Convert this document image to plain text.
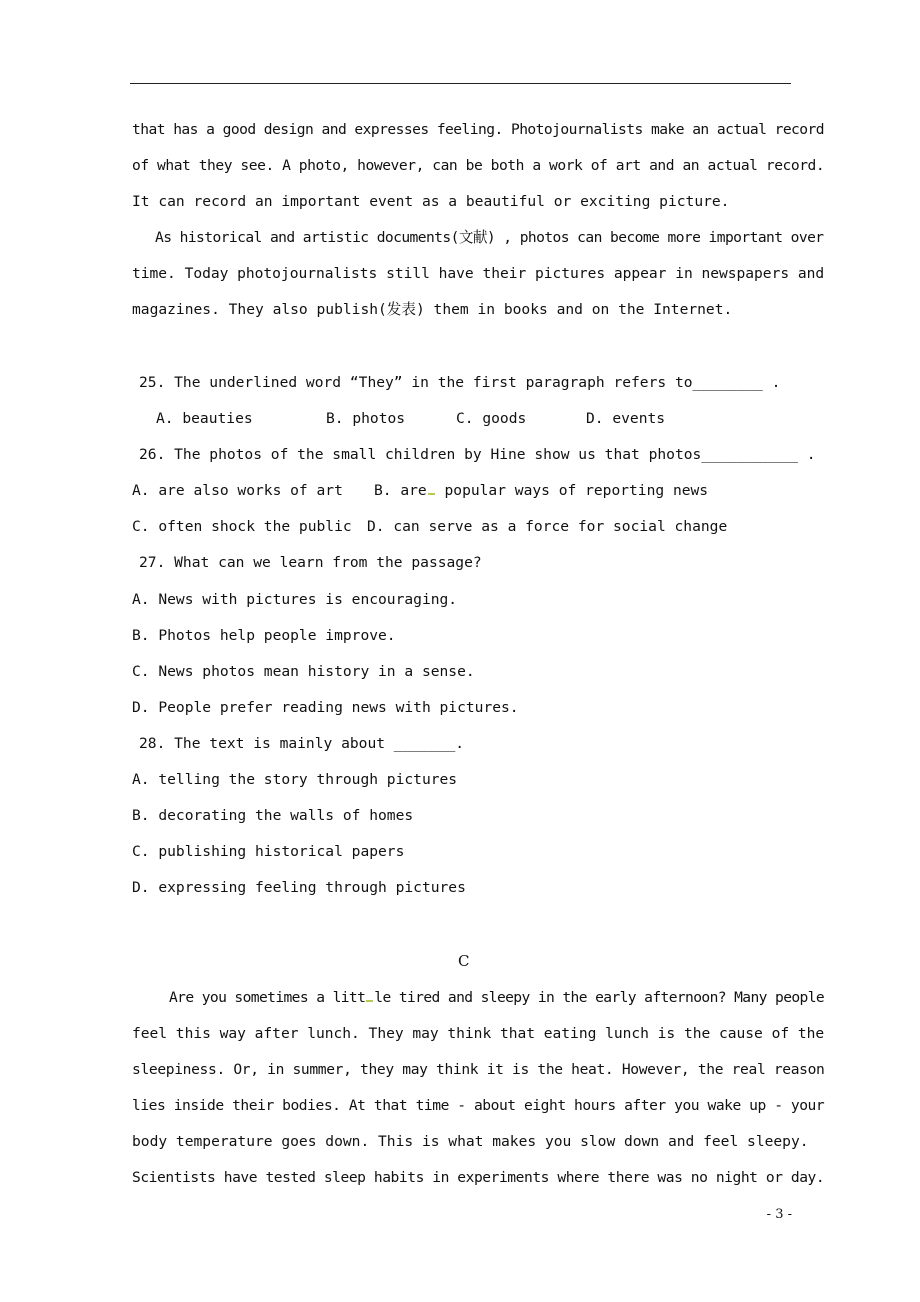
that has a good design and expresses feeling. Photojournalists make an actual record
of what they see. A photo, however, can be both a work of art and an actual record.
It can record an important event as a beautiful or exciting picture.
As historical and artistic documents(文献) , photos can become more important over
time. Today photojournalists still have their pictures appear in newspapers and
magazines. They also publish(发表) them in books and on the Internet.
25. The underlined word “They” in the first paragraph refers to________ .
A. beauties	B. photos	C. goods	D. events
26. The photos of the small children by Hine show us that photos___________ .
A. are also works of art B. are popular ways of reporting news
C. often shock the public D. can serve as a force for social change
27. What can we learn from the passage?
A. News with pictures is encouraging.
B. Photos help people improve.
C. News photos mean history in a sense.
D. People prefer reading news with pictures.
28. The text is mainly about _______.
A. telling the story through pictures
B. decorating the walls of homes
C. publishing historical papers
D. expressing feeling through pictures
C
Are you sometimes a litt le tired and sleepy in the early afternoon? Many people
feel this way after lunch. They may think that eating lunch is the cause of the
sleepiness. Or, in summer, they may think it is the heat. However, the real reason
lies inside their bodies. At that time - about eight hours after you wake up - your
body temperature goes down. This is what makes you slow down and feel sleepy.
Scientists have tested sleep habits in experiments where there was no night or day.
- 3 -
